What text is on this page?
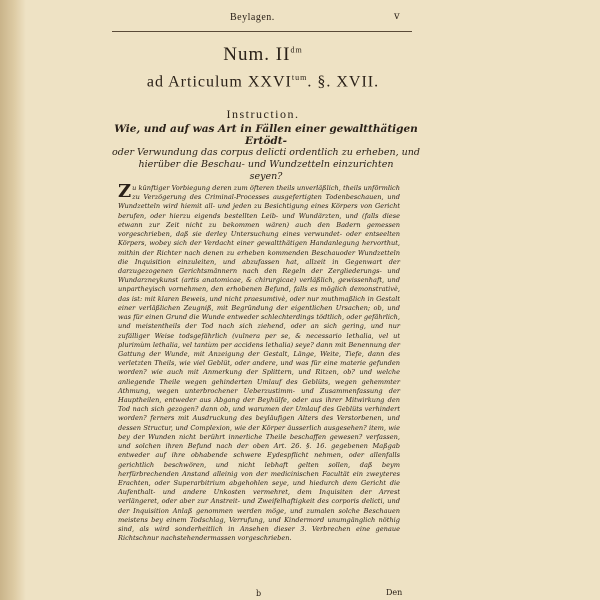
Beylagen.	v
Num. $II^{dm}$
ad Articulum $XXVI^{tum}$. §. XVII.
Instruction.
Wie, und auf was Art in Fällen einer gewaltthätigen Ertödt-
oder Verwundung das corpus delicti ordentlich zu erheben, und
hierüber die Beschau- und Wundzetteln einzurichten
seyen?
Zu künftiger Vorbiegung deren zum öfteren theils unverläßlich, theils unförmlich zu Verzögerung des Criminal-Processes ausgefertigten Todenbeschauen, und Wundzetteln wird hiemit all- und jeden zu Besichtigung eines Körpers von Gericht berufen, oder hierzu eigends bestellten Leib- und Wundärzten, und (falls diese etwann zur Zeit nicht zu bekommen wären) auch den Badern gemessen vorgeschrieben, daß sie derley Untersuchung eines verwundet- oder entseelten Körpers, wobey sich der Verdacht einer gewaltthätigen Handanlegung hervorthut, mithin der Richter nach denen zu erheben kommenden Beschauoder Wundzetteln die Inquisition einzuleiten, und abzufassen hat, allzeit in Gegenwart der darzugezogenen Gerichtsmännern nach den Regeln der Zergliederungs- und Wundarzneykunst (artis anatomicae, & chirurgicae) verläßlich, gewissenhaft, und unpartheyisch vornehmen, den erhobenen Befund, falls es möglich demonstrativè, das ist: mit klaren Beweis, und nicht praesumtivè, oder nur muthmaßlich in Gestalt einer verläßlichen Zeugniß, mit Begründung der eigentlichen Ursachen; ob, und was für einen Grund die Wunde entweder schlechterdings tödtlich, oder gefährlich, und meistentheils der Tod nach sich ziehend, oder an sich gering, und nur zufälliger Weise todsgefährlich (vulnera per se, & necessario lethalia, vel ut plurimùm lethalia, vel tantùm per accidens lethalia) seye? dann mit Benennung der Gattung der Wunde, mit Anzeigung der Gestalt, Länge, Weite, Tiefe, dann des verletzten Theils, wie viel Geblüt, oder andere, und was für eine materie gefunden worden? wie auch mit Anmerkung der Splittern, und Ritzen, ob? und welche anliegende Theile wegen gehinderten Umlauf des Geblüts, wegen gehemmter Athmung, wegen unterbrochener Ueberzustimm- und Zusammenfassung der Hauptheilen, entweder aus Abgang der Beyhülfe, oder aus ihrer Mitwirkung den Tod nach sich gezogen? dann ob, und warumen der Umlauf des Geblüts verhindert worden? ferners mit Ausdruckung des beyläufigen Alters des Verstorbenen, und dessen Structur, und Complexion, wie der Körper äusserlich ausgesehen? item, wie bey der Wunden nicht berührt innerliche Theile beschaffen gewesen? verfassen, und solchen ihren Befund nach der oben Art. 26. §. 16. gegebenen Maßgab entweder auf ihre obhabende schwere Eydespflicht nehmen, oder allenfalls gerichtlich beschwören, und nicht lebhaft gelten sollen, daß beym herfürbrechenden Anstand alleinig von der medicinischen Facultät ein zweyteres Erachten, oder Superarbitrium abgehohlen seye, und hiedurch dem Gericht die Aufenthalt- und andere Unkosten vermehret, dem Inquisiten der Arrest verlängeret, oder aber zur Anstreit- und Zweifelhaftigkeit des corporis delicti, und der Inquisition Anlaß genommen werden möge, und zumalen solche Beschauen meistens bey einem Todschlag, Verrufung, und Kindermord unumgänglich nöthig sind, als wird sonderheitlich in Ansehen dieser 3. Verbrechen eine genaue Richtschnur nachstehendermassen vorgeschrieben.
b	Den
